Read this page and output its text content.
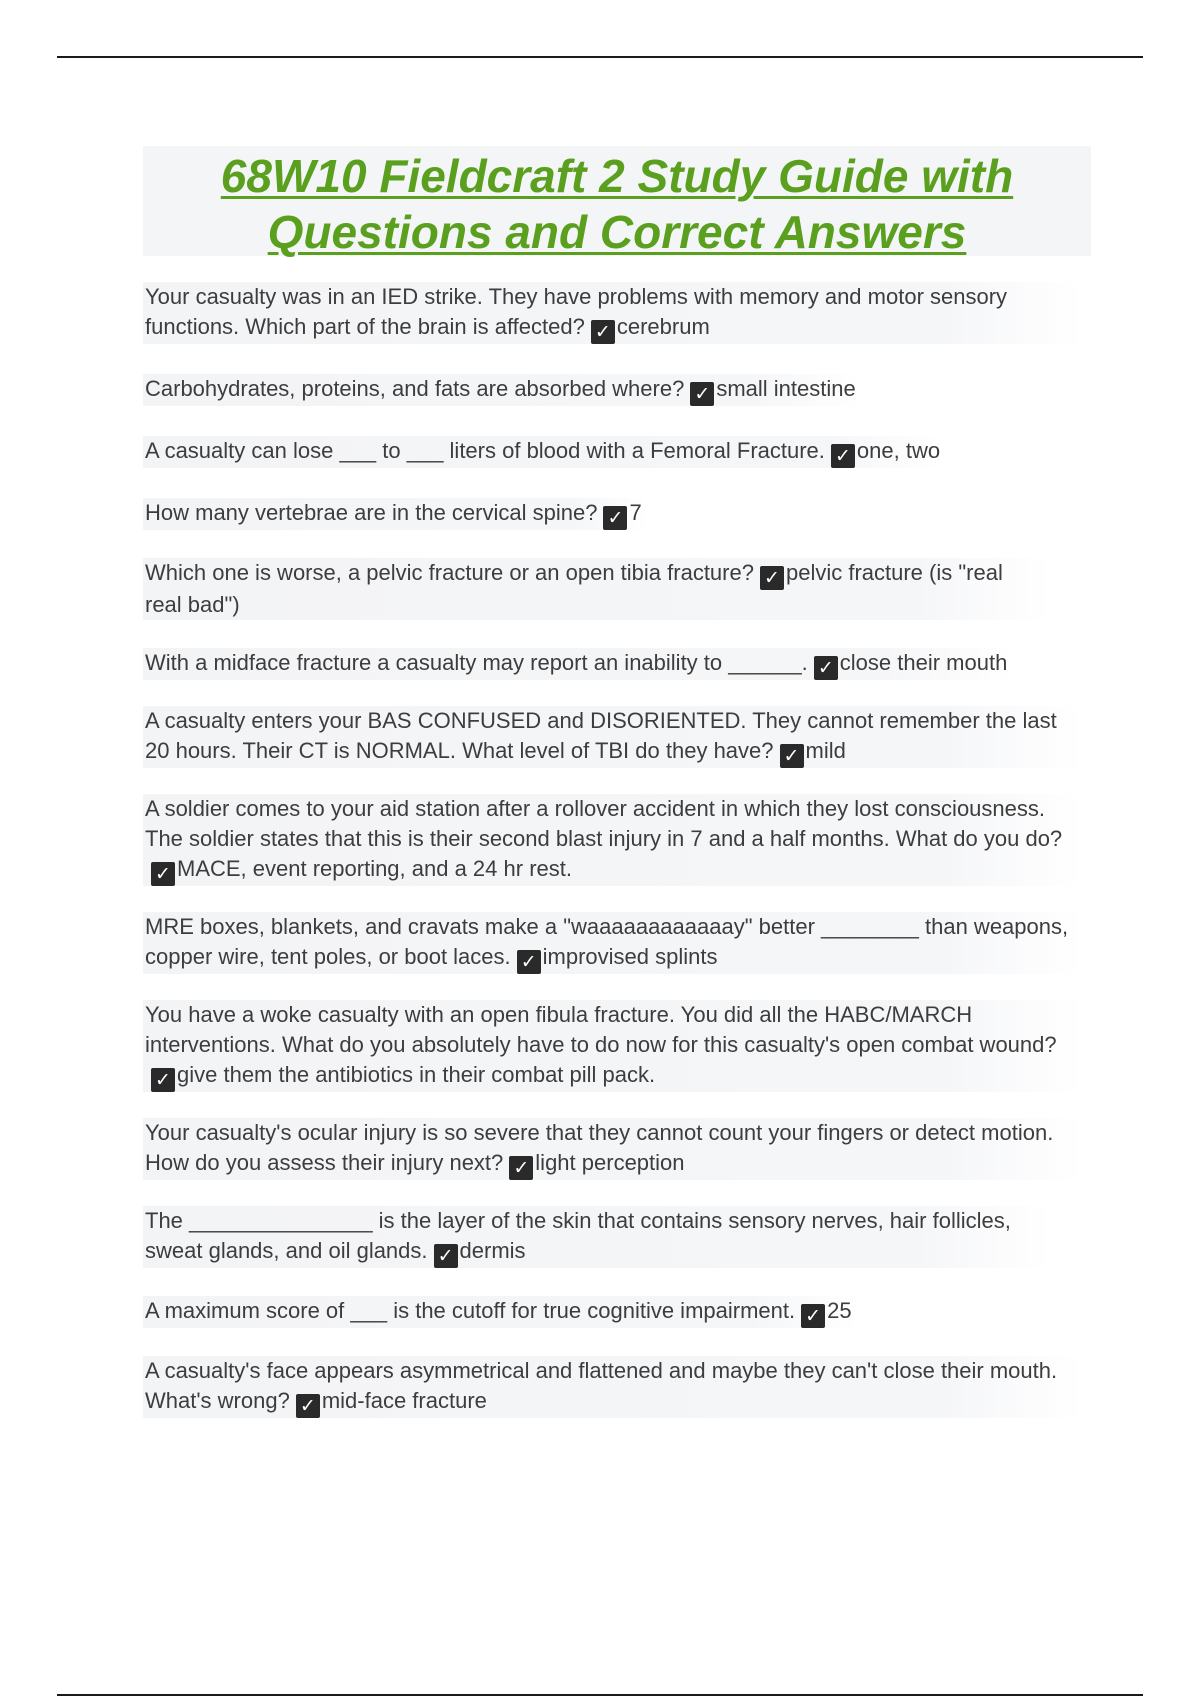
68W10 Fieldcraft 2 Study Guide with
Questions and Correct Answers

Your casualty was in an IED strike. They have problems with memory and motor sensory functions. Which part of the brain is affected? ✓ cerebrum

Carbohydrates, proteins, and fats are absorbed where? ✓ small intestine

A casualty can lose ___ to ___ liters of blood with a Femoral Fracture. ✓ one, two

How many vertebrae are in the cervical spine? ✓ 7

Which one is worse, a pelvic fracture or an open tibia fracture? ✓ pelvic fracture (is "real real bad")

With a midface fracture a casualty may report an inability to ______. ✓ close their mouth

A casualty enters your BAS CONFUSED and DISORIENTED. They cannot remember the last 20 hours. Their CT is NORMAL. What level of TBI do they have? ✓ mild

A soldier comes to your aid station after a rollover accident in which they lost consciousness. The soldier states that this is their second blast injury in 7 and a half months. What do you do?✓ MACE, event reporting, and a 24 hr rest.

MRE boxes, blankets, and cravats make a "waaaaaaaaaaaay" better ________ than weapons, copper wire, tent poles, or boot laces. ✓ improvised splints

You have a woke casualty with an open fibula fracture. You did all the HABC/MARCH interventions. What do you absolutely have to do now for this casualty's open combat wound?✓ give them the antibiotics in their combat pill pack.

Your casualty's ocular injury is so severe that they cannot count your fingers or detect motion. How do you assess their injury next? ✓ light perception

The _______________ is the layer of the skin that contains sensory nerves, hair follicles, sweat glands, and oil glands. ✓ dermis

A maximum score of ___ is the cutoff for true cognitive impairment. ✓ 25

A casualty's face appears asymmetrical and flattened and maybe they can't close their mouth. What's wrong? ✓ mid-face fracture
